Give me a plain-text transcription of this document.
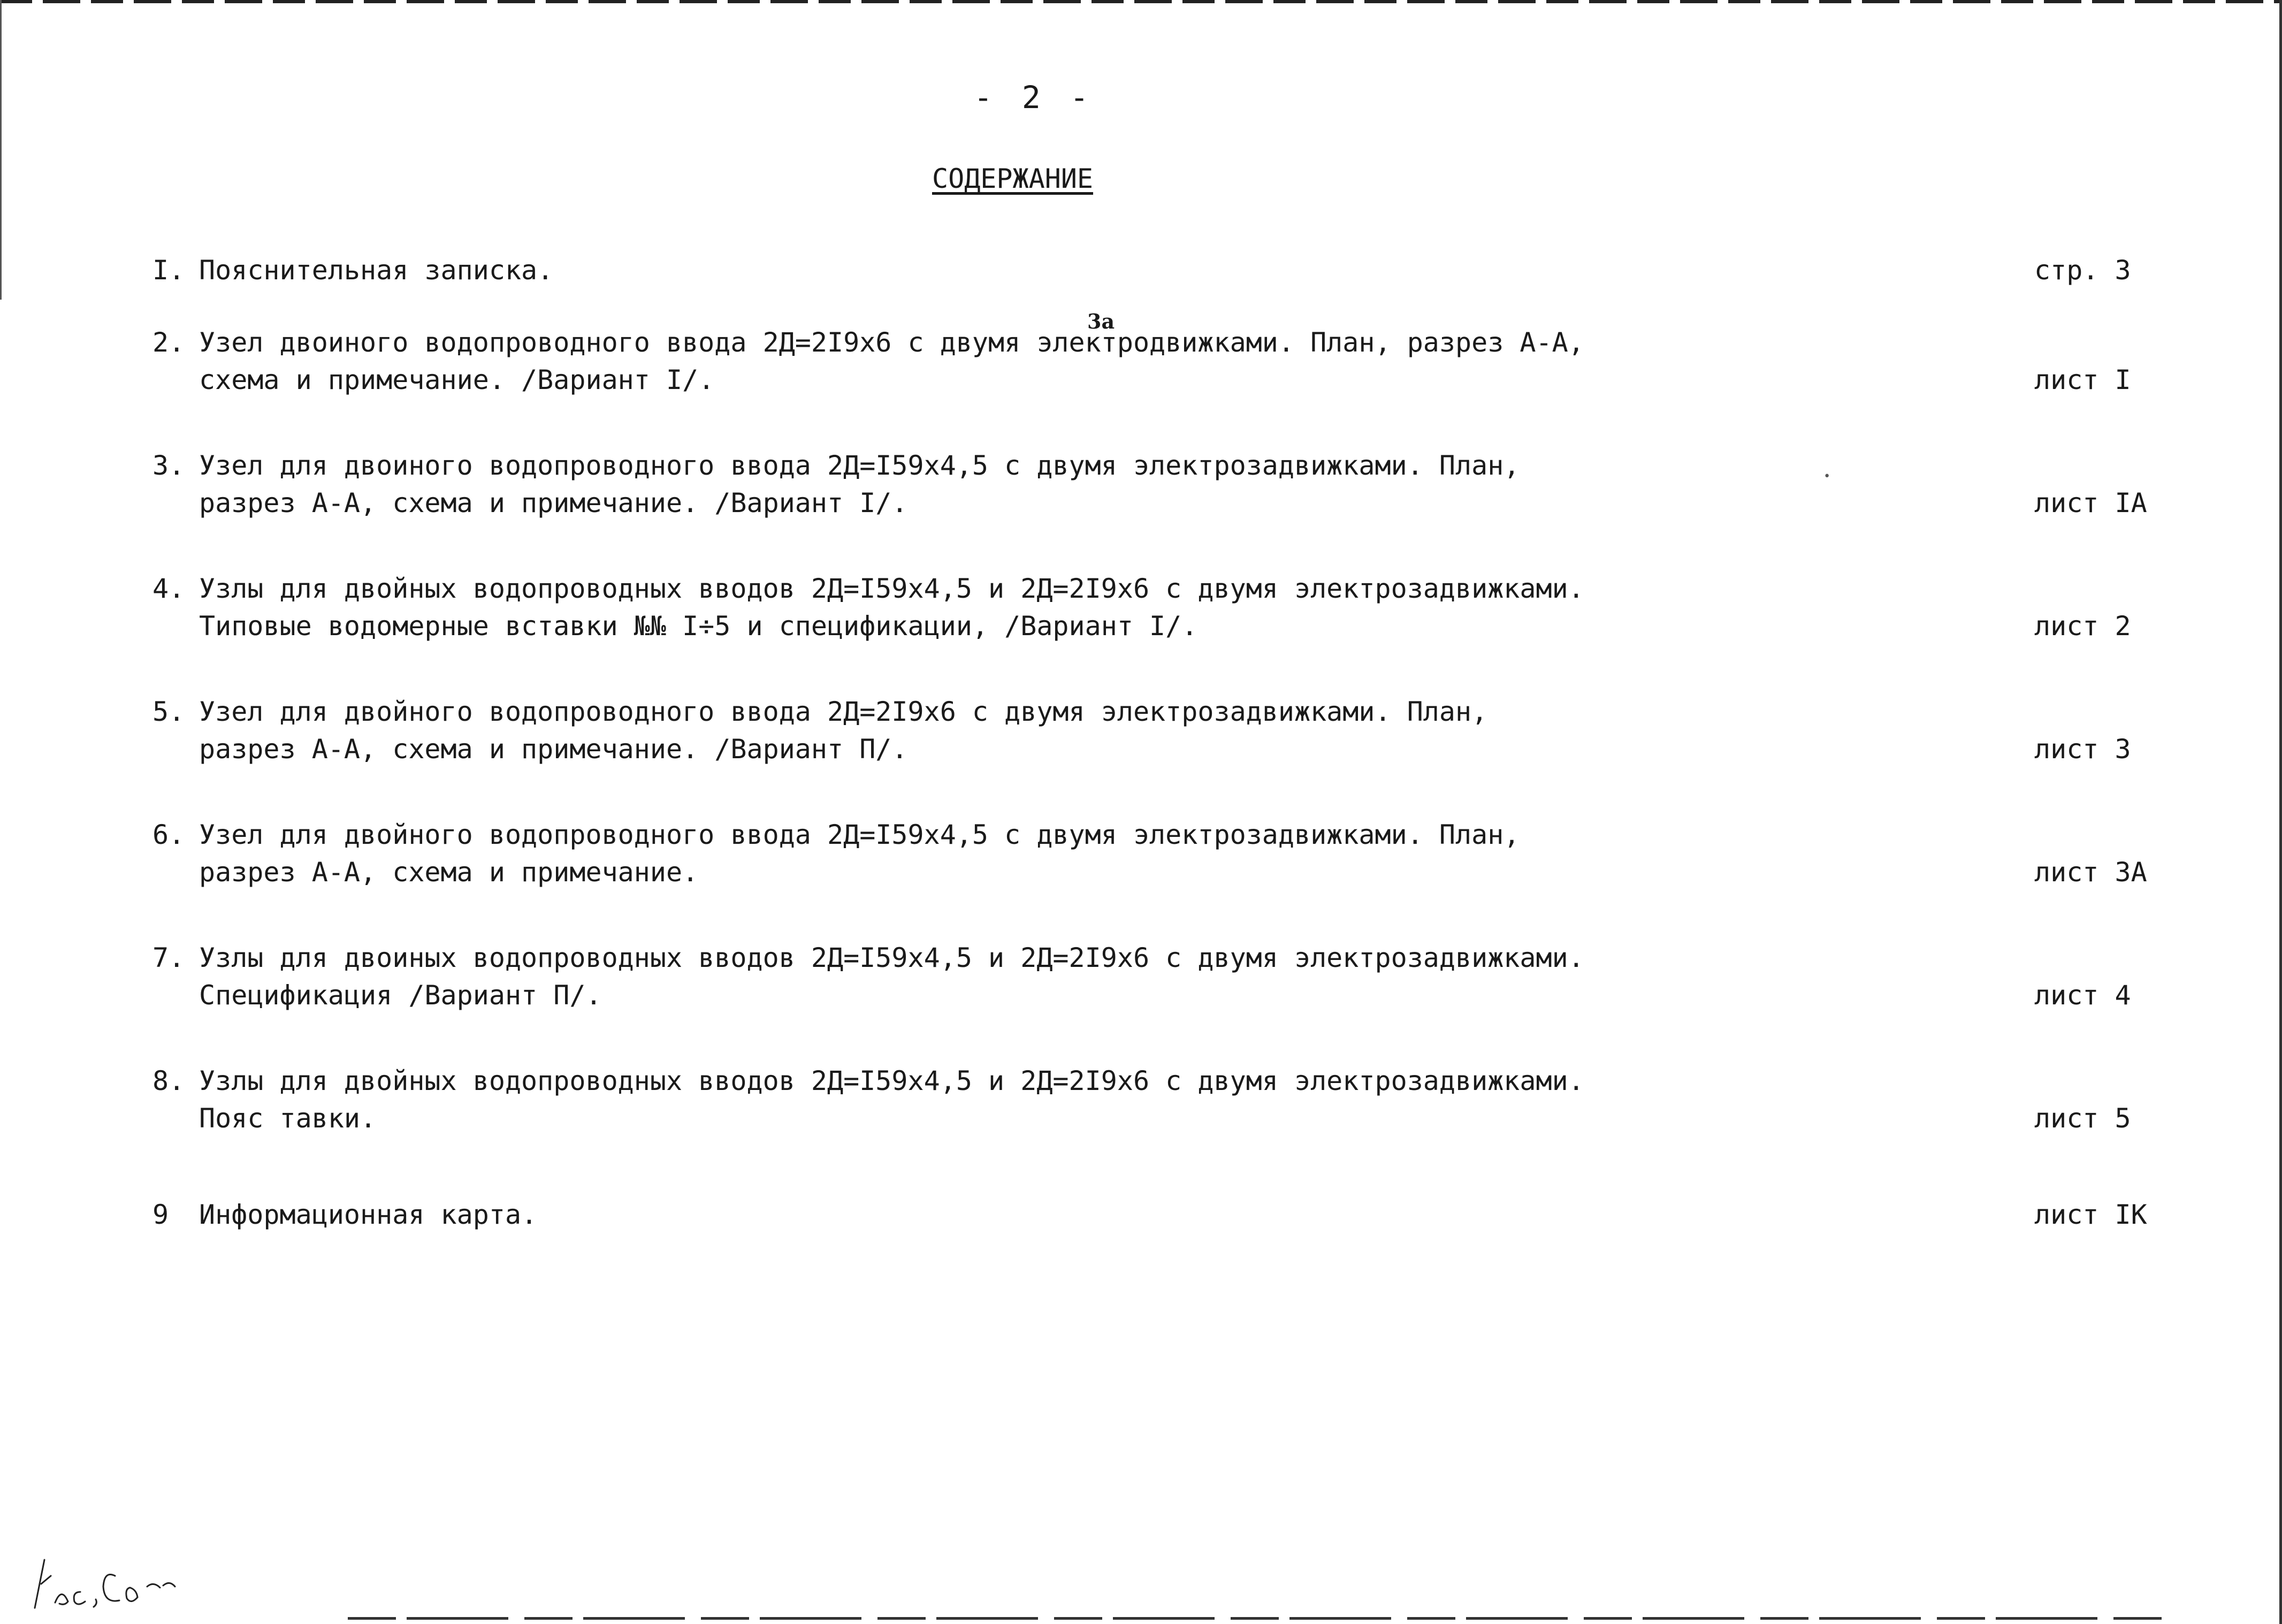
- 2 -
СОДЕРЖАНИЕ
3а
•
I. Пояснительная записка.	стр. 3
2. Узел двоиного водопроводного ввода 2Д=2I9х6 с двумя электродвижками. План, разрез А-А,
схема и примечание. /Вариант I/.	лист I
3. Узел для двоиного водопроводного ввода 2Д=I59х4,5 с двумя электрозадвижками. План,
разрез А-А, схема и примечание. /Вариант I/.	лист IА
4. Узлы для двойных водопроводных вводов 2Д=I59х4,5 и 2Д=2I9х6 с двумя электрозадвижками.
Типовые водомерные вставки №№ I÷5 и спецификации, /Вариант I/.	лист 2
5. Узел для двойного водопроводного ввода 2Д=2I9х6 с двумя электрозадвижками. План,
разрез А-А, схема и примечание. /Вариант П/.	лист 3
6. Узел для двойного водопроводного ввода 2Д=I59х4,5 с двумя электрозадвижками. План,
разрез А-А, схема и примечание.	лист 3А
7. Узлы для двоиных водопроводных вводов 2Д=I59х4,5 и 2Д=2I9х6 с двумя электрозадвижками.
Спецификация /Вариант П/.	лист 4
8. Узлы для двойных водопроводных вводов 2Д=I59х4,5 и 2Д=2I9х6 с двумя электрозадвижками.
Пояс тавки.	лист 5
9 Информационная карта.	лист IК
